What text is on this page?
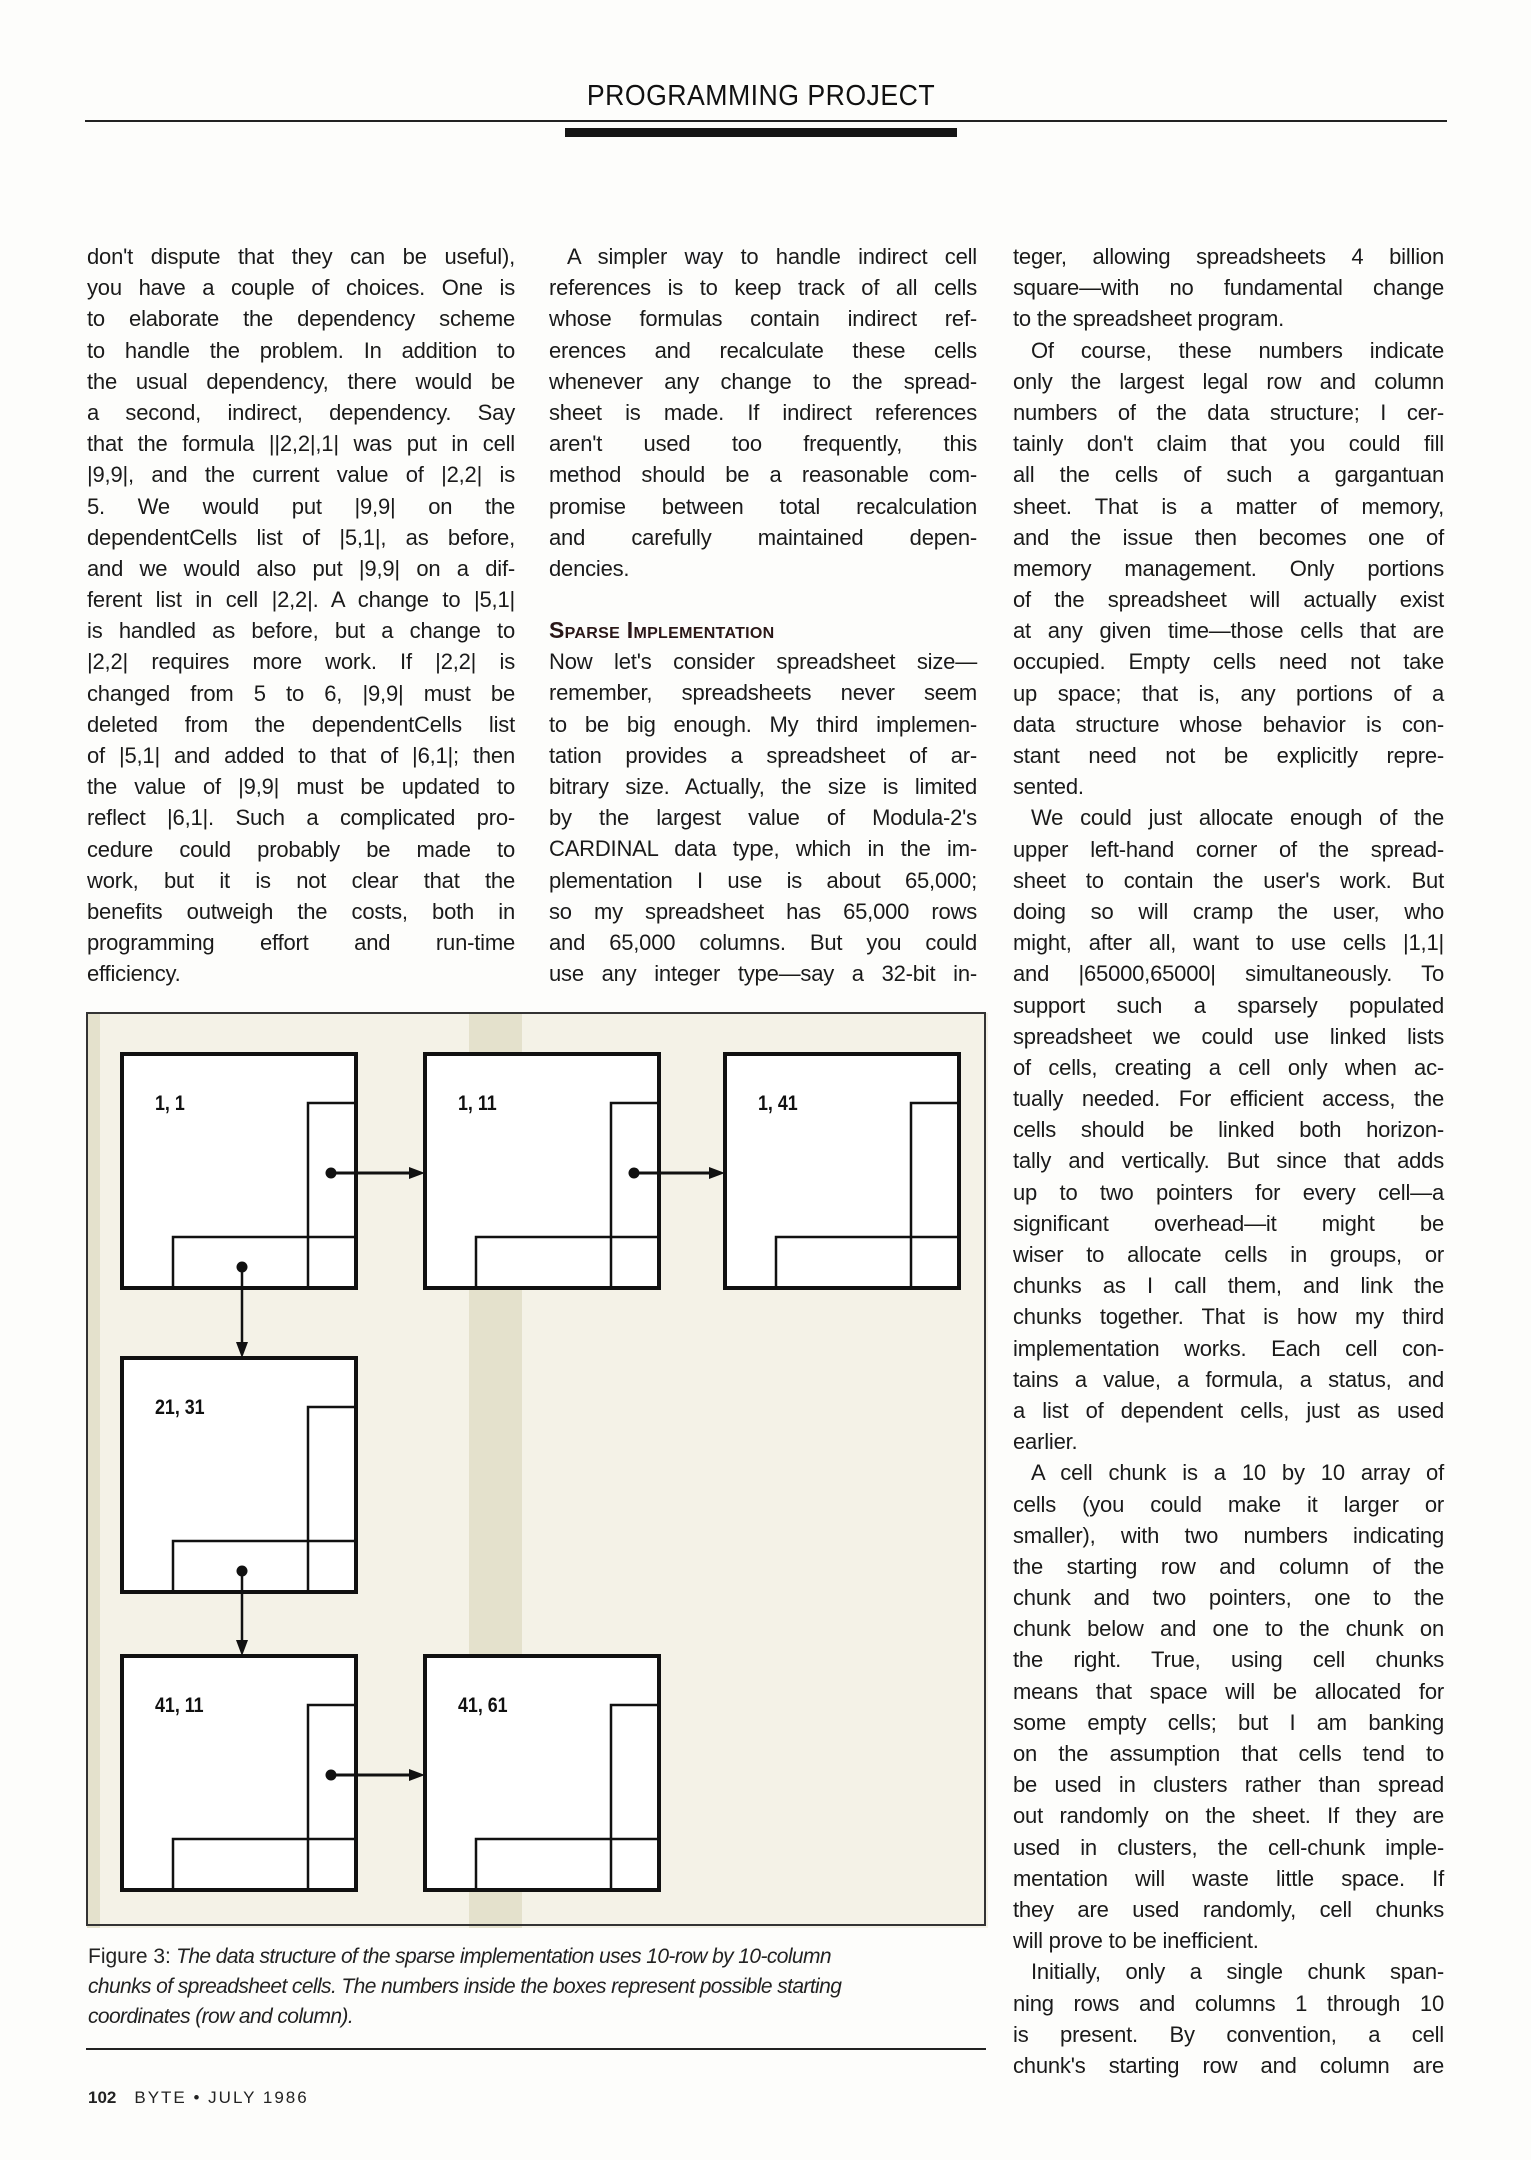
PROGRAMMING PROJECT
don't dispute that they can be useful),
you have a couple of choices. One is
to elaborate the dependency scheme
to handle the problem. In addition to
the usual dependency, there would be
a second, indirect, dependency. Say
that the formula ||2,2|,1| was put in cell
|9,9|, and the current value of |2,2| is
5. We would put |9,9| on the
dependentCells list of |5,1|, as before,
and we would also put |9,9| on a dif-
ferent list in cell |2,2|. A change to |5,1|
is handled as before, but a change to
|2,2| requires more work. If |2,2| is
changed from 5 to 6, |9,9| must be
deleted from the dependentCells list
of |5,1| and added to that of |6,1|; then
the value of |9,9| must be updated to
reflect |6,1|. Such a complicated pro-
cedure could probably be made to
work, but it is not clear that the
benefits outweigh the costs, both in
programming effort and run-time
efficiency.
A simpler way to handle indirect cell
references is to keep track of all cells
whose formulas contain indirect ref-
erences and recalculate these cells
whenever any change to the spread-
sheet is made. If indirect references
aren't used too frequently, this
method should be a reasonable com-
promise between total recalculation
and carefully maintained depen-
dencies.
Sparse Implementation
Now let's consider spreadsheet size—
remember, spreadsheets never seem
to be big enough. My third implemen-
tation provides a spreadsheet of ar-
bitrary size. Actually, the size is limited
by the largest value of Modula-2's
CARDINAL data type, which in the im-
plementation I use is about 65,000;
so my spreadsheet has 65,000 rows
and 65,000 columns. But you could
use any integer type—say a 32-bit in-
teger, allowing spreadsheets 4 billion
square—with no fundamental change
to the spreadsheet program.
Of course, these numbers indicate
only the largest legal row and column
numbers of the data structure; I cer-
tainly don't claim that you could fill
all the cells of such a gargantuan
sheet. That is a matter of memory,
and the issue then becomes one of
memory management. Only portions
of the spreadsheet will actually exist
at any given time—those cells that are
occupied. Empty cells need not take
up space; that is, any portions of a
data structure whose behavior is con-
stant need not be explicitly repre-
sented.
We could just allocate enough of the
upper left-hand corner of the spread-
sheet to contain the user's work. But
doing so will cramp the user, who
might, after all, want to use cells |1,1|
and |65000,65000| simultaneously. To
support such a sparsely populated
spreadsheet we could use linked lists
of cells, creating a cell only when ac-
tually needed. For efficient access, the
cells should be linked both horizon-
tally and vertically. But since that adds
up to two pointers for every cell—a
significant overhead—it might be
wiser to allocate cells in groups, or
chunks as I call them, and link the
chunks together. That is how my third
implementation works. Each cell con-
tains a value, a formula, a status, and
a list of dependent cells, just as used
earlier.
A cell chunk is a 10 by 10 array of
cells (you could make it larger or
smaller), with two numbers indicating
the starting row and column of the
chunk and two pointers, one to the
chunk below and one to the chunk on
the right. True, using cell chunks
means that space will be allocated for
some empty cells; but I am banking
on the assumption that cells tend to
be used in clusters rather than spread
out randomly on the sheet. If they are
used in clusters, the cell-chunk imple-
mentation will waste little space. If
they are used randomly, cell chunks
will prove to be inefficient.
Initially, only a single chunk span-
ning rows and columns 1 through 10
is present. By convention, a cell
chunk's starting row and column are
1, 1	1, 11	1, 41
21, 31
41, 11	41, 61
Figure 3: The data structure of the sparse implementation uses 10-row by 10-column
chunks of spreadsheet cells. The numbers inside the boxes represent possible starting
coordinates (row and column).
102 BYTE • JULY 1986
